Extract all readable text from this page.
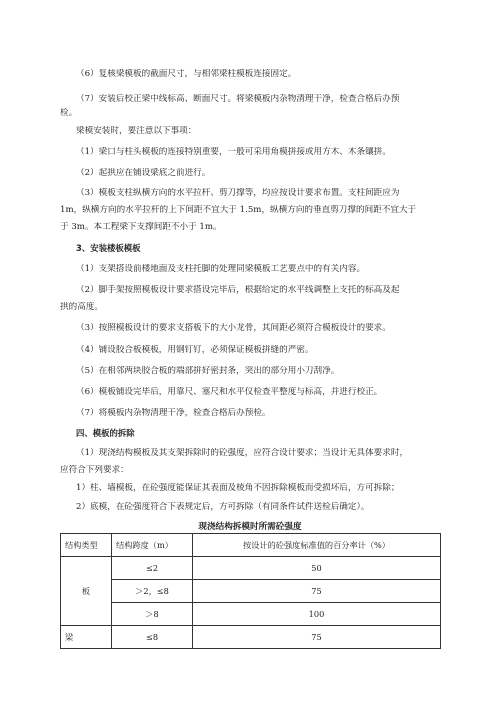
（6）复核梁模板的截面尺寸，与相邻梁柱模板连接固定。
（7）安装后校正梁中线标高、断面尺寸。将梁模板内杂物清理干净，检查合格后办预
检。
梁模安装时，要注意以下事项：
（1）梁口与柱头模板的连接特别重要，一般可采用角模拼接或用方木、木条镶拼。
（2）起拱应在铺设梁底之前进行。
（3）模板支柱纵横方向的水平拉杆、剪刀撑等，均应按设计要求布置。支柱间距应为
1m，纵横方向的水平拉杆的上下间距不宜大于 1.5m，纵横方向的垂直剪刀撑的间距不宜大于
于 3m。本工程梁下支撑间距不小于 1m。
3、安装楼板模板
（1）支架搭设前楼地面及支柱托脚的处理同梁模板工艺要点中的有关内容。
（2）脚手架按照模板设计要求搭设完毕后，根据给定的水平线调整上支托的标高及起
拱的高度。
（3）按照模板设计的要求支搭板下的大小龙骨，其间距必须符合模板设计的要求。
（4）铺设胶合板模板，用钢钉钉，必须保证模板拼缝的严密。
（5）在相邻两块胶合板的端部拼好密封条，突出的部分用小刀刮净。
（6）模板铺设完毕后，用靠尺、塞尺和水平仪检查平整度与标高，并进行校正。
（7）将模板内杂物清理干净，检查合格后办预检。
四、模板的拆除
（1）现浇结构模板及其支架拆除时的砼强度，应符合设计要求；当设计无具体要求时，
应符合下列要求：
1）柱、墙模板，在砼强度能保证其表面及棱角不因拆除模板而受损坏后，方可拆除；
2）底模，在砼强度符合下表规定后，方可拆除（有同条件试件送检后确定）。
现浇结构拆模时所需砼强度
结构类型	结构跨度（m）	按设计的砼强度标准值的百分率计（%）
板	≤2	50
	＞2，≤8	75
	＞8	100
梁	≤8	75
